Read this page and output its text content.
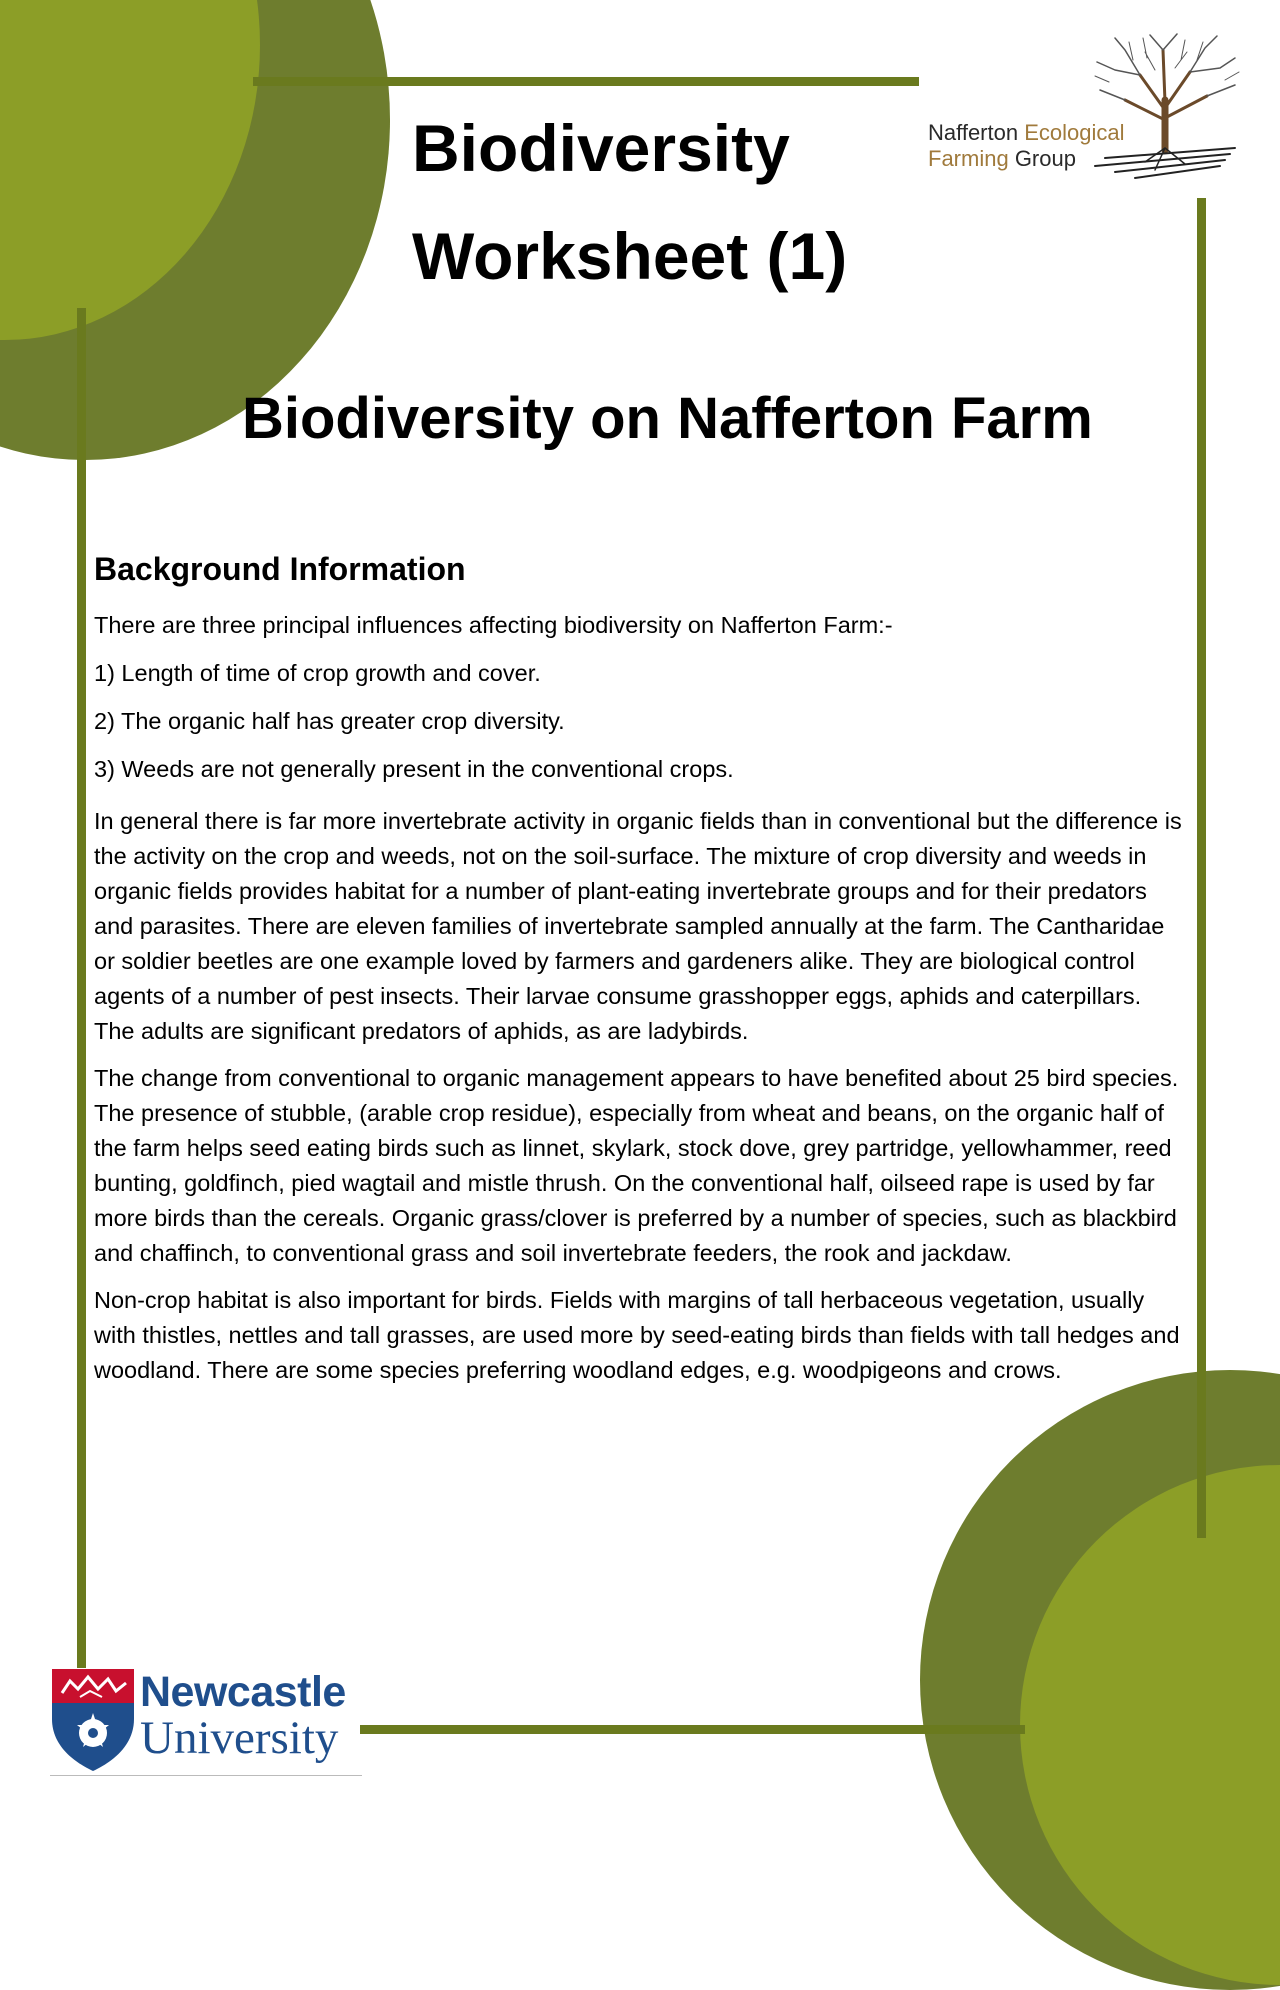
Biodiversity
Worksheet (1)
Biodiversity on Nafferton Farm
Nafferton Ecological
Farming Group
Background Information
There are three principal influences affecting biodiversity on Nafferton Farm:-
1) Length of time of crop growth and cover.
2) The organic half has greater crop diversity.
3) Weeds are not generally present in the conventional crops.

In general there is far more invertebrate activity in organic fields than in conventional but the difference is the activity on the crop and weeds, not on the soil-surface. The mixture of crop diversity and weeds in organic fields provides habitat for a number of plant-eating invertebrate groups and for their predators and parasites. There are eleven families of invertebrate sampled annually at the farm. The Cantharidae or soldier beetles are one example loved by farmers and gardeners alike. They are biological control agents of a number of pest insects. Their larvae consume grasshopper eggs, aphids and caterpillars. The adults are significant predators of aphids, as are ladybirds.

The change from conventional to organic management appears to have benefited about 25 bird species. The presence of stubble, (arable crop residue), especially from wheat and beans, on the organic half of the farm helps seed eating birds such as linnet, skylark, stock dove, grey partridge, yellowhammer, reed bunting, goldfinch, pied wagtail and mistle thrush. On the conventional half, oilseed rape is used by far more birds than the cereals. Organic grass/clover is preferred by a number of species, such as blackbird and chaffinch, to conventional grass and soil invertebrate feeders, the rook and jackdaw.

Non-crop habitat is also important for birds. Fields with margins of tall herbaceous vegetation, usually with thistles, nettles and tall grasses, are used more by seed-eating birds than fields with tall hedges and woodland. There are some species preferring woodland edges, e.g. woodpigeons and crows.

Newcastle
University
